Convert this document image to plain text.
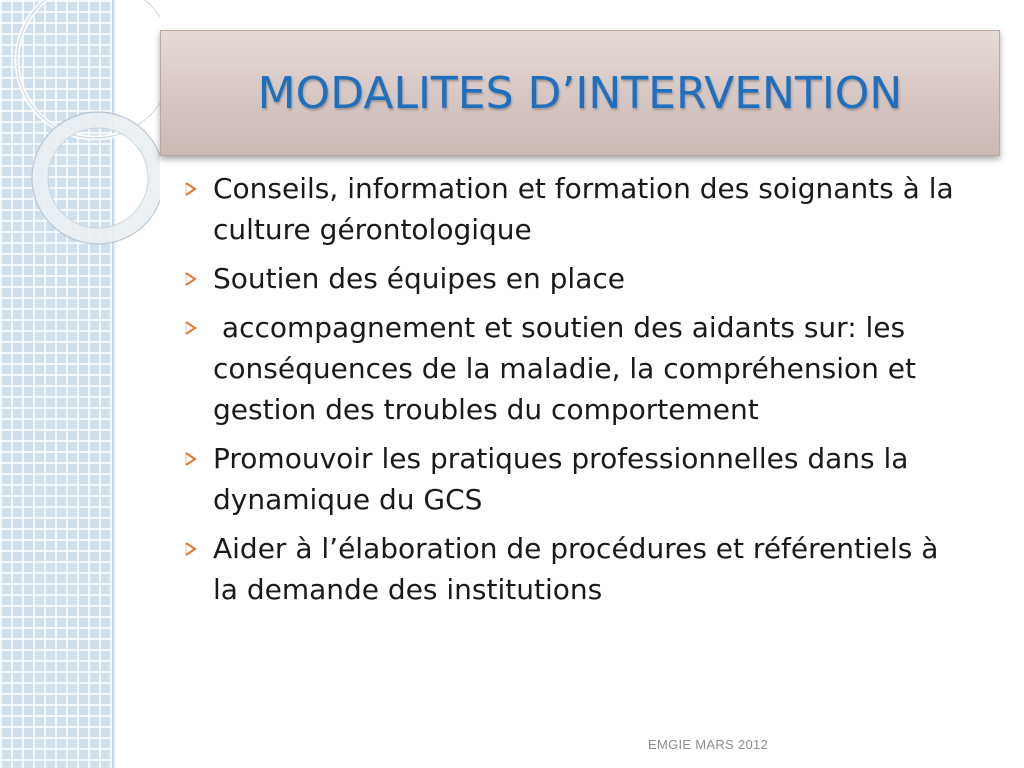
MODALITES D’INTERVENTION
Conseils, information et formation des soignants à la culture gérontologique
Soutien des équipes en place
accompagnement et soutien des aidants sur: les conséquences de la maladie, la compréhension et gestion des troubles du comportement
Promouvoir les pratiques professionnelles dans la dynamique du GCS
Aider à l’élaboration de procédures et référentiels à la demande des institutions
EMGIE MARS 2012
